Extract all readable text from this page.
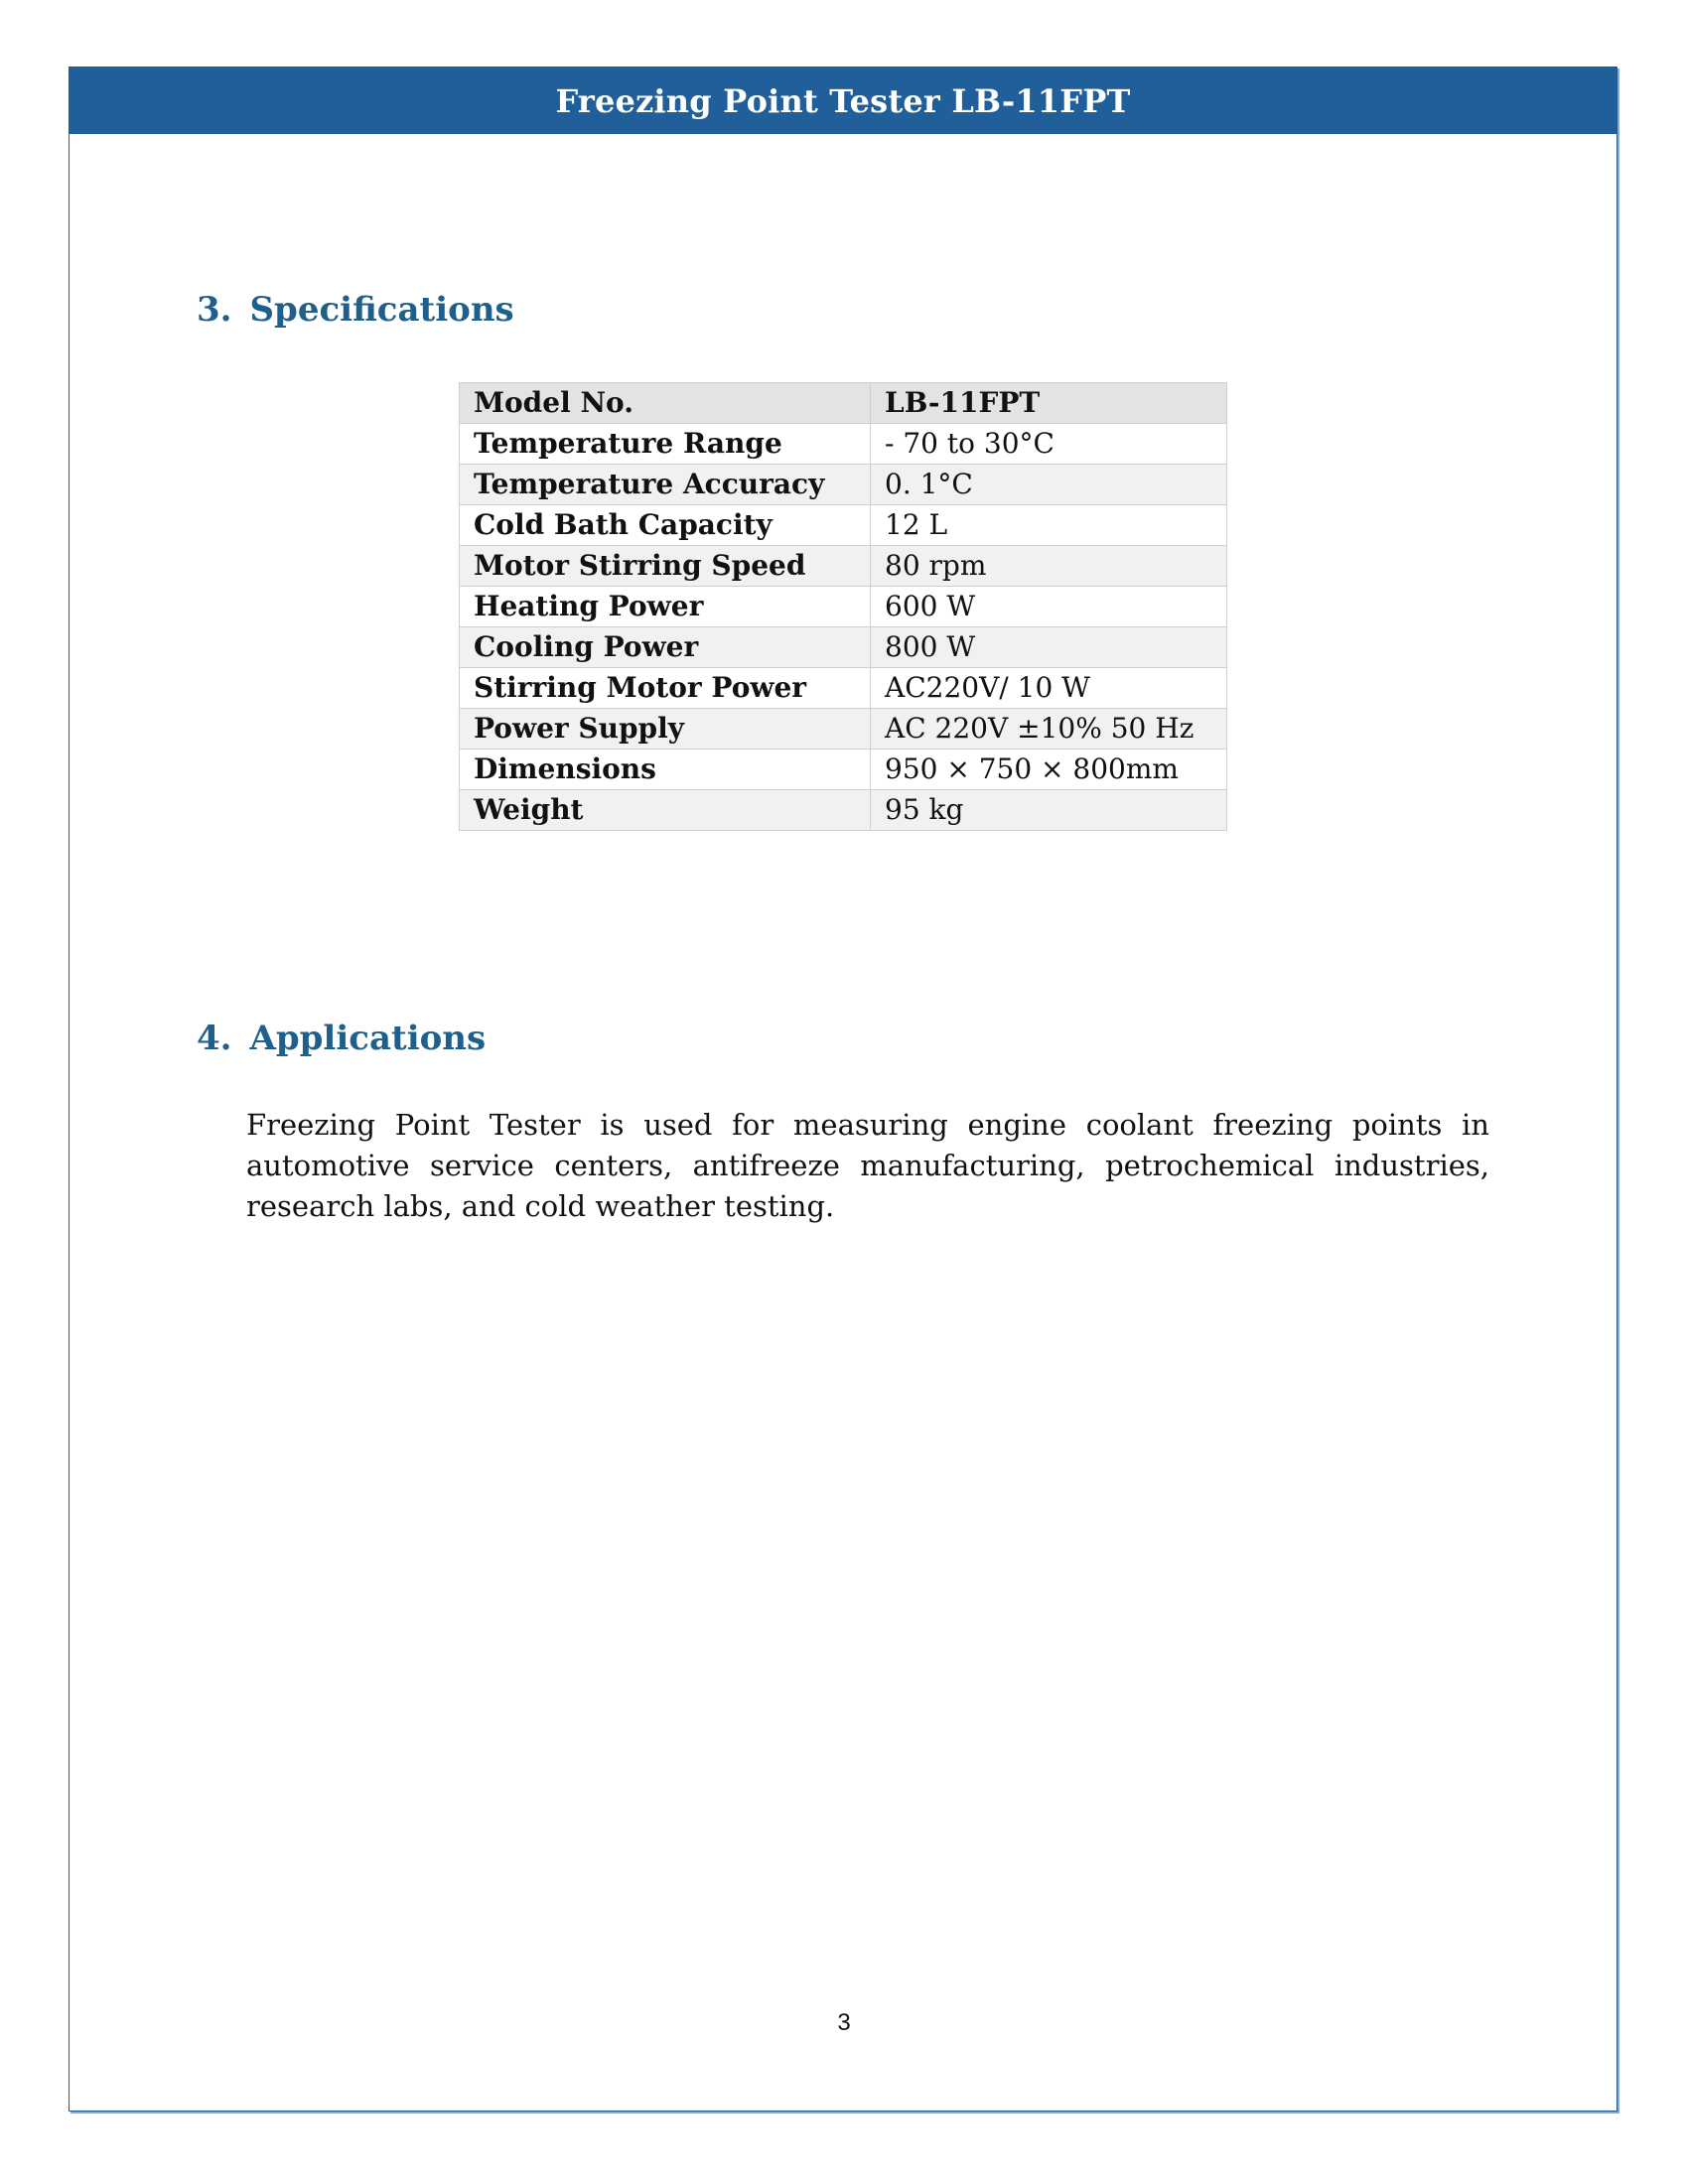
Freezing Point Tester LB-11FPT
3. Specifications
Model No.	LB-11FPT
Temperature Range	- 70 to 30°C
Temperature Accuracy	0. 1°C
Cold Bath Capacity	12 L
Motor Stirring Speed	80 rpm
Heating Power	600 W
Cooling Power	800 W
Stirring Motor Power	AC220V/ 10 W
Power Supply	AC 220V ±10% 50 Hz
Dimensions	950 × 750 × 800mm
Weight	95 kg
4. Applications

Freezing Point Tester is used for measuring engine coolant freezing points in automotive service centers, antifreeze manufacturing, petrochemical industries, research labs, and cold weather testing.

3
